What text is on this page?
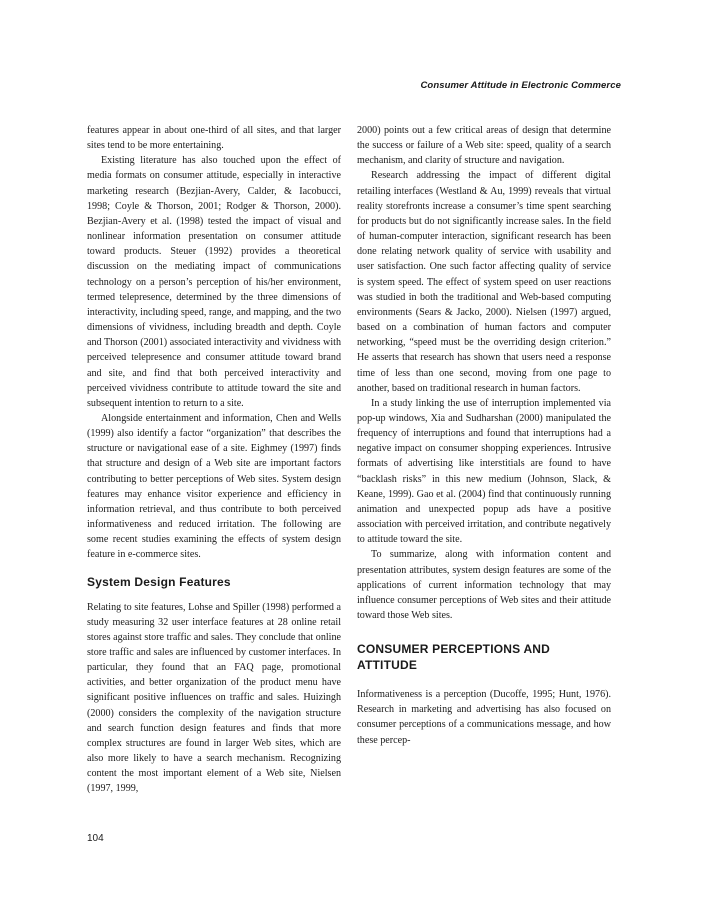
Consumer Attitude in Electronic Commerce

features appear in about one-third of all sites, and that larger sites tend to be more entertaining.

Existing literature has also touched upon the effect of media formats on consumer attitude, especially in interactive marketing research (Bezjian-Avery, Calder, & Iacobucci, 1998; Coyle & Thorson, 2001; Rodger & Thorson, 2000). Bezjian-Avery et al. (1998) tested the impact of visual and nonlinear information presentation on consumer attitude toward products. Steuer (1992) provides a theoretical discussion on the mediating impact of communications technology on a person’s perception of his/her environment, termed telepresence, determined by the three dimensions of interactivity, including speed, range, and mapping, and the two dimensions of vividness, including breadth and depth. Coyle and Thorson (2001) associated interactivity and vividness with perceived telepresence and consumer attitude toward brand and site, and find that both perceived interactivity and perceived vividness contribute to attitude toward the site and subsequent intention to return to a site.

Alongside entertainment and information, Chen and Wells (1999) also identify a factor “organization” that describes the structure or navigational ease of a site. Eighmey (1997) finds that structure and design of a Web site are important factors contributing to better perceptions of Web sites. System design features may enhance visitor experience and efficiency in information retrieval, and thus contribute to both perceived informativeness and reduced irritation. The following are some recent studies examining the effects of system design feature in e-commerce sites.

System Design Features

Relating to site features, Lohse and Spiller (1998) performed a study measuring 32 user interface features at 28 online retail stores against store traffic and sales. They conclude that online store traffic and sales are influenced by customer interfaces. In particular, they found that an FAQ page, promotional activities, and better organization of the product menu have significant positive influences on traffic and sales. Huizingh (2000) considers the complexity of the navigation structure and search function design features and finds that more complex structures are found in larger Web sites, which are also more likely to have a search mechanism. Recognizing content the most important element of a Web site, Nielsen (1997, 1999,

2000) points out a few critical areas of design that determine the success or failure of a Web site: speed, quality of a search mechanism, and clarity of structure and navigation.

Research addressing the impact of different digital retailing interfaces (Westland & Au, 1999) reveals that virtual reality storefronts increase a consumer’s time spent searching for products but do not significantly increase sales. In the field of human-computer interaction, significant research has been done relating network quality of service with usability and user satisfaction. One such factor affecting quality of service is system speed. The effect of system speed on user reactions was studied in both the traditional and Web-based computing environments (Sears & Jacko, 2000). Nielsen (1997) argued, based on a combination of human factors and computer networking, “speed must be the overriding design criterion.” He asserts that research has shown that users need a response time of less than one second, moving from one page to another, based on traditional research in human factors.

In a study linking the use of interruption implemented via pop-up windows, Xia and Sudharshan (2000) manipulated the frequency of interruptions and found that interruptions had a negative impact on consumer shopping experiences. Intrusive formats of advertising like interstitials are found to have “backlash risks” in this new medium (Johnson, Slack, & Keane, 1999). Gao et al. (2004) find that continuously running animation and unexpected popup ads have a positive association with perceived irritation, and contribute negatively to attitude toward the site.

To summarize, along with information content and presentation attributes, system design features are some of the applications of current information technology that may influence consumer perceptions of Web sites and their attitude toward those Web sites.

CONSUMER PERCEPTIONS AND ATTITUDE

Informativeness is a perception (Ducoffe, 1995; Hunt, 1976). Research in marketing and advertising has also focused on consumer perceptions of a communications message, and how these percep-

104
